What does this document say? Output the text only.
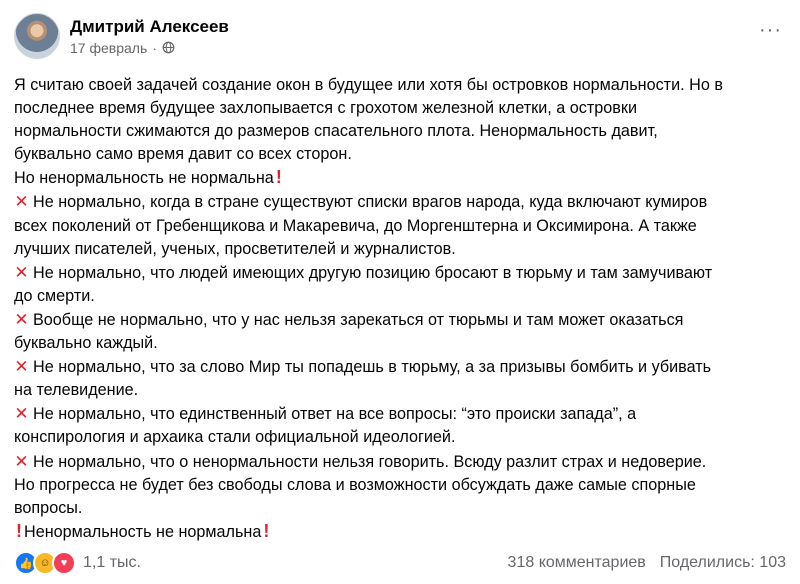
Дмитрий Алексеев
17 февраль ·
···
Я считаю своей задачей создание окон в будущее или хотя бы островков нормальности. Но в
последнее время будущее захлопывается с грохотом железной клетки, а островки
нормальности сжимаются до размеров спасательного плота. Ненормальность давит,
буквально само время давит со всех сторон.
Но ненормальность не нормальна !
✕ Не нормально, когда в стране существуют списки врагов народа, куда включают кумиров
всех поколений от Гребенщикова и Макаревича, до Моргенштерна и Оксимирона. А также
лучших писателей, ученых, просветителей и журналистов.
✕ Не нормально, что людей имеющих другую позицию бросают в тюрьму и там замучивают
до смерти.
✕ Вообще не нормально, что у нас нельзя зарекаться от тюрьмы и там может оказаться
буквально каждый.
✕ Не нормально, что за слово Мир ты попадешь в тюрьму, а за призывы бомбить и убивать
на телевидение.
✕ Не нормально, что единственный ответ на все вопросы: “это происки запада”, а
конспирология и архаика стали официальной идеологией.
✕ Не нормально, что о ненормальности нельзя говорить. Всюду разлит страх и недоверие.
Но прогресса не будет без свободы слова и возможности обсуждать даже самые спорные
вопросы.
! Ненормальность не нормальна !
👍 ☺ ♥ 1,1 тыс.	318 комментариев Поделились: 103
